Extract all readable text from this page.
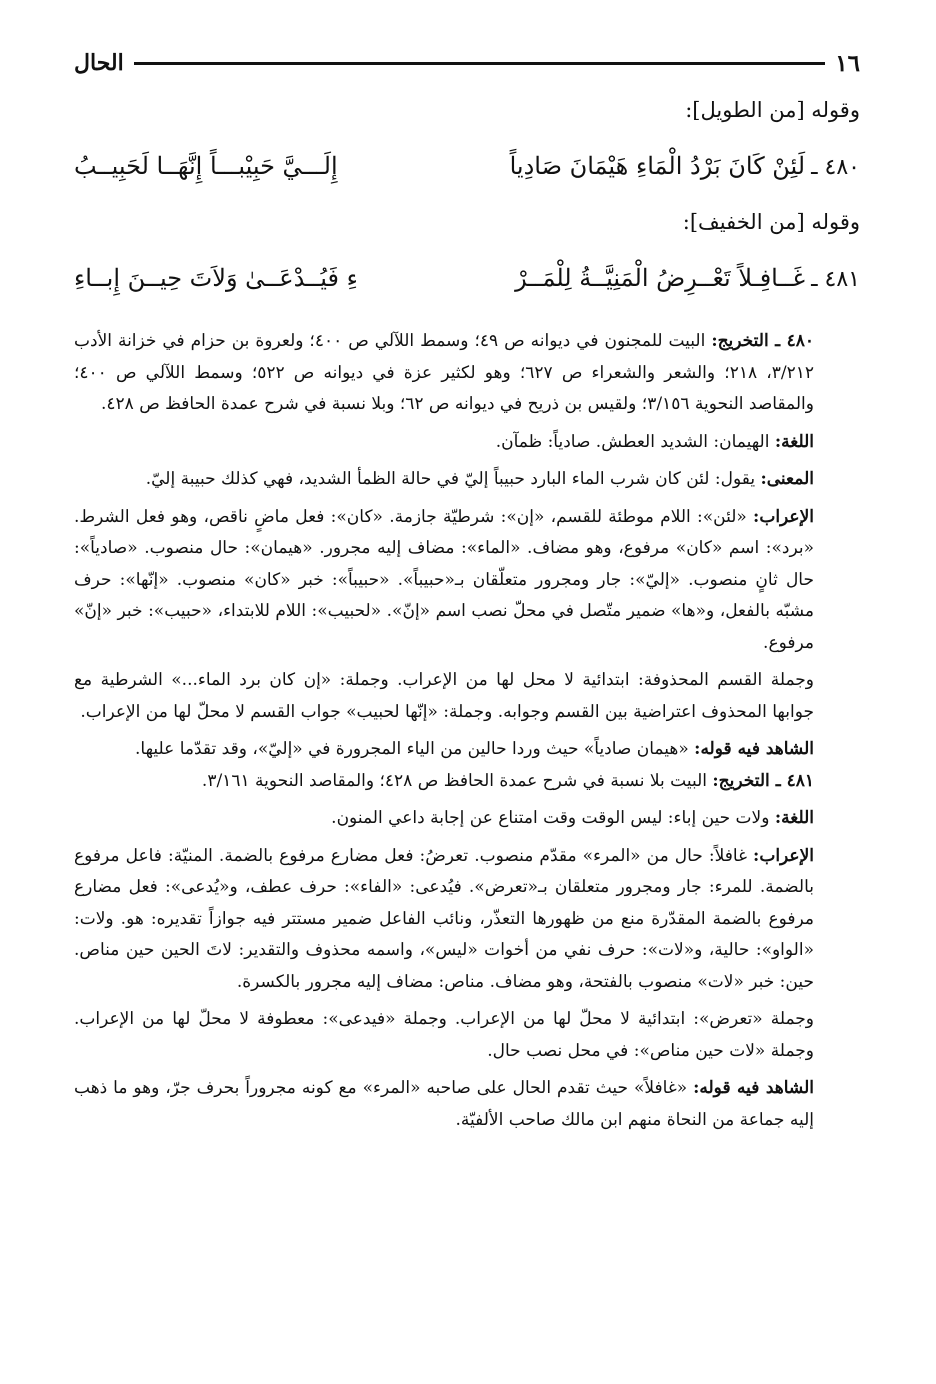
١٦
الحال
وقوله [من الطويل]:
٤٨٠ ـ
لَئِنْ كَانَ بَرْدُ الْمَاءِ هَيْمَانَ صَادِياً
إِلَـــيَّ حَبِيْبـــاً إِنَّهَــا لَحَبِيــبُ
وقوله [من الخفيف]:
٤٨١ ـ
غَــافِـلاً تَعْــرِضُ الْمَنِيَّــةُ لِلْمَــرْ
ءِ فَيُــدْعَــىٰ وَلاَتَ حِيــنَ إِبــاءِ

٤٨٠ ـ التخريج: البيت للمجنون في ديوانه ص ٤٩؛ وسمط اللآلي ص ٤٠٠؛ ولعروة بن حزام في خزانة الأدب ٣/٢١٢، ٢١٨؛ والشعر والشعراء ص ٦٢٧؛ وهو لكثير عزة في ديوانه ص ٥٢٢؛ وسمط اللآلي ص ٤٠٠؛ والمقاصد النحوية ٣/١٥٦؛ ولقيس بن ذريح في ديوانه ص ٦٢؛ وبلا نسبة في شرح عمدة الحافظ ص ٤٢٨.

اللغة: الهيمان: الشديد العطش. صادياً: ظمآن.

المعنى: يقول: لئن كان شرب الماء البارد حبيباً إليّ في حالة الظمأ الشديد، فهي كذلك حبيبة إليّ.

الإعراب: «لئن»: اللام موطئة للقسم، «إن»: شرطيّة جازمة. «كان»: فعل ماضٍ ناقص، وهو فعل الشرط. «برد»: اسم «كان» مرفوع، وهو مضاف. «الماء»: مضاف إليه مجرور. «هيمان»: حال منصوب. «صادياً»: حال ثانٍ منصوب. «إليّ»: جار ومجرور متعلّقان بـ«حبيباً». «حبيباً»: خبر «كان» منصوب. «إنّها»: حرف مشبّه بالفعل، و«ها» ضمير متّصل في محلّ نصب اسم «إنّ». «لحبيب»: اللام للابتداء، «حبيب»: خبر «إنّ» مرفوع.

وجملة القسم المحذوفة: ابتدائية لا محل لها من الإعراب. وجملة: «إن كان برد الماء...» الشرطية مع جوابها المحذوف اعتراضية بين القسم وجوابه. وجملة: «إنّها لحبيب» جواب القسم لا محلّ لها من الإعراب.

الشاهد فيه قوله: «هيمان صادياً» حيث وردا حالين من الياء المجرورة في «إليّ»، وقد تقدّما عليها.

٤٨١ ـ التخريج: البيت بلا نسبة في شرح عمدة الحافظ ص ٤٢٨؛ والمقاصد النحوية ٣/١٦١.

اللغة: ولات حين إباء: ليس الوقت وقت امتناع عن إجابة داعي المنون.

الإعراب: غافلاً: حال من «المرء» مقدّم منصوب. تعرضُ: فعل مضارع مرفوع بالضمة. المنيّة: فاعل مرفوع بالضمة. للمرء: جار ومجرور متعلقان بـ«تعرض». فيُدعى: «الفاء»: حرف عطف، و«يُدعى»: فعل مضارع مرفوع بالضمة المقدّرة منع من ظهورها التعذّر، ونائب الفاعل ضمير مستتر فيه جوازاً تقديره: هو. ولات: «الواو»: حالية، و«لات»: حرف نفي من أخوات «ليس»، واسمه محذوف والتقدير: لاتَ الحين حين مناص. حين: خبر «لات» منصوب بالفتحة، وهو مضاف. مناص: مضاف إليه مجرور بالكسرة.

وجملة «تعرض»: ابتدائية لا محلّ لها من الإعراب. وجملة «فيدعى»: معطوفة لا محلّ لها من الإعراب. وجملة «لات حين مناص»: في محل نصب حال.

الشاهد فيه قوله: «غافلاً» حيث تقدم الحال على صاحبه «المرء» مع كونه مجروراً بحرف جرّ، وهو ما ذهب إليه جماعة من النحاة منهم ابن مالك صاحب الألفيّة.
